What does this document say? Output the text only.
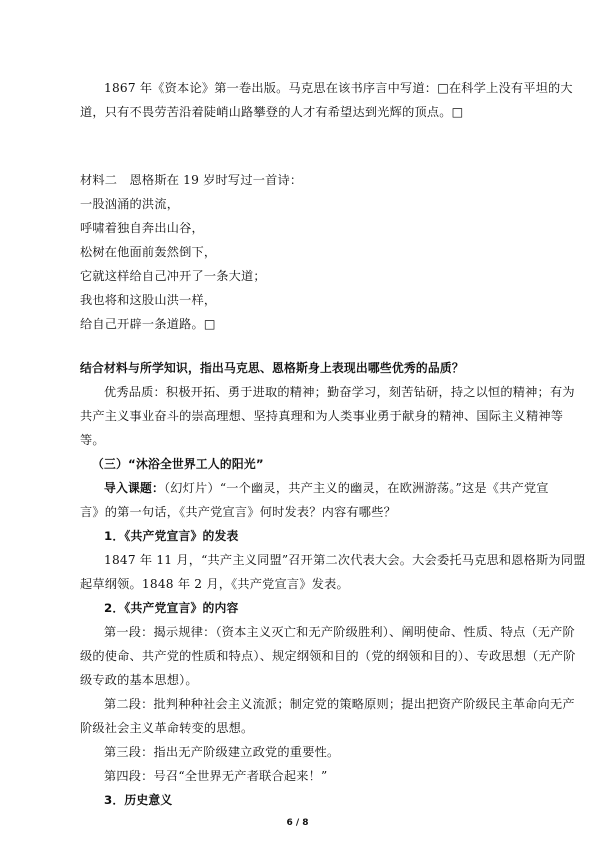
1867 年《资本论》第一卷出版。马克思在该书序言中写道：□在科学上没有平坦的大
道，只有不畏劳苦沿着陡峭山路攀登的人才有希望达到光辉的顶点。□
材料二　恩格斯在 19 岁时写过一首诗：
一股汹涌的洪流，
呼啸着独自奔出山谷，
松树在他面前轰然倒下，
它就这样给自己冲开了一条大道；
我也将和这股山洪一样，
给自己开辟一条道路。□
结合材料与所学知识，指出马克思、恩格斯身上表现出哪些优秀的品质？
优秀品质：积极开拓、勇于进取的精神；勤奋学习，刻苦钻研，持之以恒的精神；有为
共产主义事业奋斗的崇高理想、坚持真理和为人类事业勇于献身的精神、国际主义精神等
等。
（三）“沐浴全世界工人的阳光”
导入课题：（幻灯片）“一个幽灵，共产主义的幽灵，在欧洲游荡。”这是《共产党宣
言》的第一句话，《共产党宣言》何时发表？内容有哪些？
1．《共产党宣言》的发表
1847 年 11 月，“共产主义同盟”召开第二次代表大会。大会委托马克思和恩格斯为同盟
起草纲领。1848 年 2 月，《共产党宣言》发表。
2．《共产党宣言》的内容
第一段：揭示规律：（资本主义灭亡和无产阶级胜利）、阐明使命、性质、特点（无产阶
级的使命、共产党的性质和特点）、规定纲领和目的（党的纲领和目的）、专政思想（无产阶
级专政的基本思想）。
第二段：批判种种社会主义流派；制定党的策略原则；提出把资产阶级民主革命向无产
阶级社会主义革命转变的思想。
第三段：指出无产阶级建立政党的重要性。
第四段：号召“全世界无产者联合起来！”
3．历史意义
6 / 8
